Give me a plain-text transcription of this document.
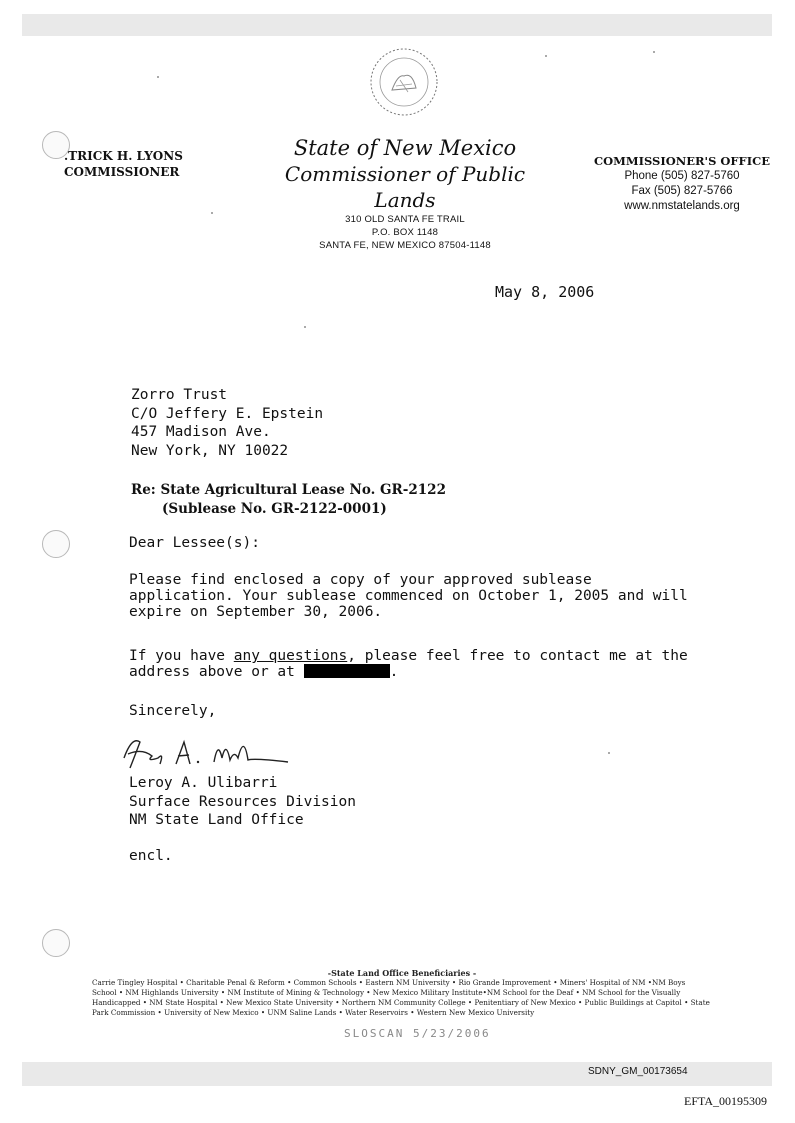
.TRICK H. LYONS
COMMISSIONER
State of New Mexico
Commissioner of Public Lands
310 OLD SANTA FE TRAIL
P.O. BOX 1148
SANTA FE, NEW MEXICO 87504-1148
COMMISSIONER'S OFFICE
Phone (505) 827-5760
Fax (505) 827-5766
www.nmstatelands.org
May 8, 2006
Zorro Trust
C/O Jeffery E. Epstein
457 Madison Ave.
New York, NY 10022
Re: State Agricultural Lease No. GR-2122
(Sublease No. GR-2122-0001)
Dear Lessee(s):
Please find enclosed a copy of your approved sublease application. Your sublease commenced on October 1, 2005 and will expire on September 30, 2006.
If you have any questions, please feel free to contact me at the address above or at	.
Sincerely,
Leroy A. Ulibarri
Surface Resources Division
NM State Land Office
encl.
-State Land Office Beneficiaries -
Carrie Tingley Hospital • Charitable Penal & Reform • Common Schools • Eastern NM University • Rio Grande Improvement • Miners' Hospital of NM •NM Boys School • NM Highlands University • NM Institute of Mining & Technology • New Mexico Military Institute•NM School for the Deaf • NM School for the Visually Handicapped • NM State Hospital • New Mexico State University • Northern NM Community College • Penitentiary of New Mexico • Public Buildings at Capitol • State Park Commission • University of New Mexico • UNM Saline Lands • Water Reservoirs • Western New Mexico University
SLOSCAN 5/23/2006
SDNY_GM_00173654
EFTA_00195309
